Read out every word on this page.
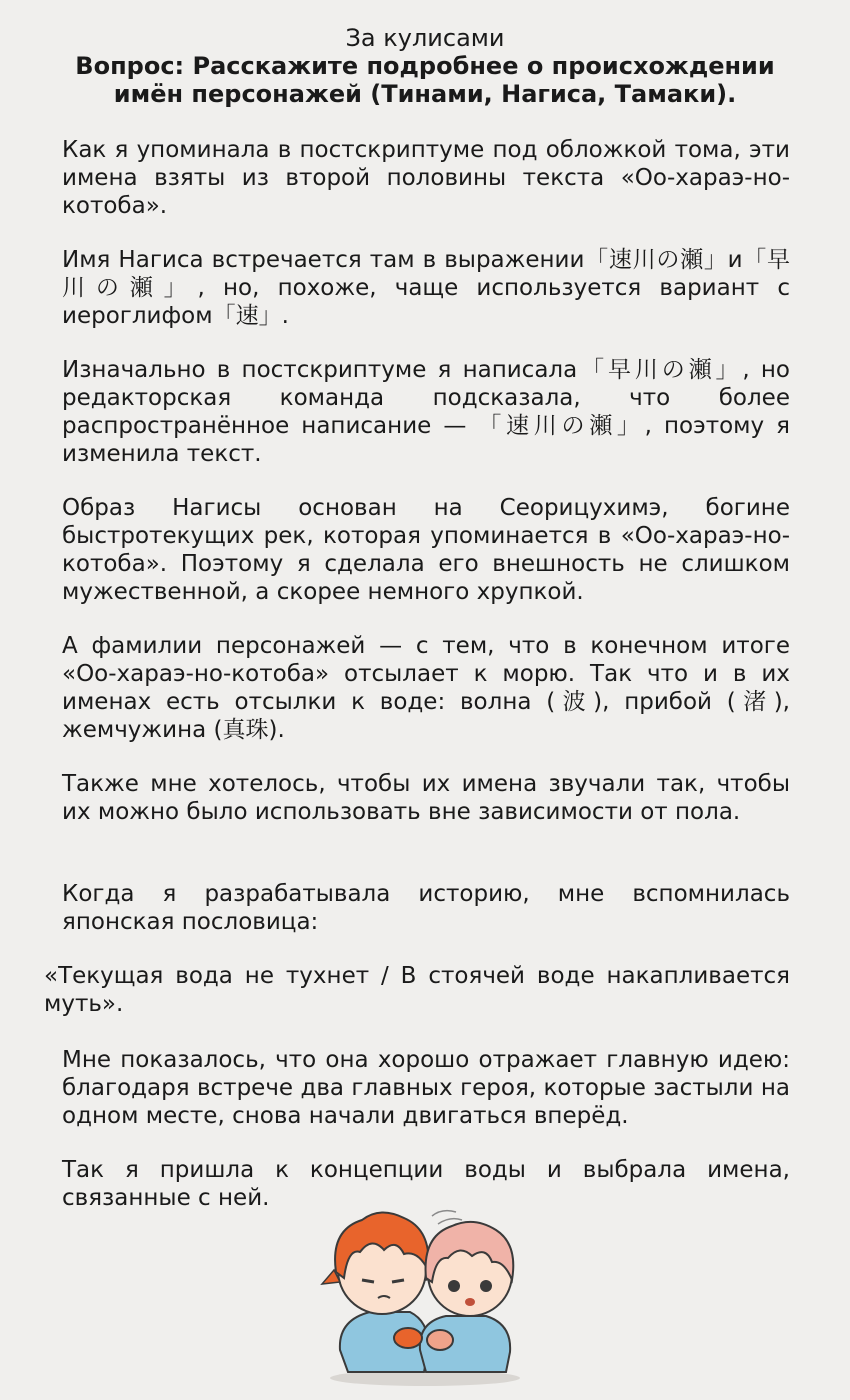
За кулисами
Вопрос: Расскажите подробнее о происхождении
имён персонажей (Тинами, Нагиса, Тамаки).
Как я упоминала в постскриптуме под обложкой тома, эти имена взяты из второй половины текста «Оо-хараэ-но-котоба».
Имя Нагиса встречается там в выражении「速川の瀬」и「早川の瀬」, но, похоже, чаще используется вариант с иероглифом「速」.
Изначально в постскриптуме я написала「早川の瀬」, но редакторская команда подсказала, что более распространённое написание — 「速川の瀬」, поэтому я изменила текст.
Образ Нагисы основан на Сеорицухимэ, богине быстротекущих рек, которая упоминается в «Оо-хараэ-но-котоба». Поэтому я сделала его внешность не слишком мужественной, а скорее немного хрупкой.
А фамилии персонажей — с тем, что в конечном итоге «Оо-хараэ-но-котоба» отсылает к морю. Так что и в их именах есть отсылки к воде: волна (波), прибой (渚), жемчужина (真珠).
Также мне хотелось, чтобы их имена звучали так, чтобы их можно было использовать вне зависимости от пола.
Когда я разрабатывала историю, мне вспомнилась японская пословица:
«Текущая вода не тухнет / В стоячей воде накапливается муть».
Мне показалось, что она хорошо отражает главную идею: благодаря встрече два главных героя, которые застыли на одном месте, снова начали двигаться вперёд.
Так я пришла к концепции воды и выбрала имена, связанные с ней.
